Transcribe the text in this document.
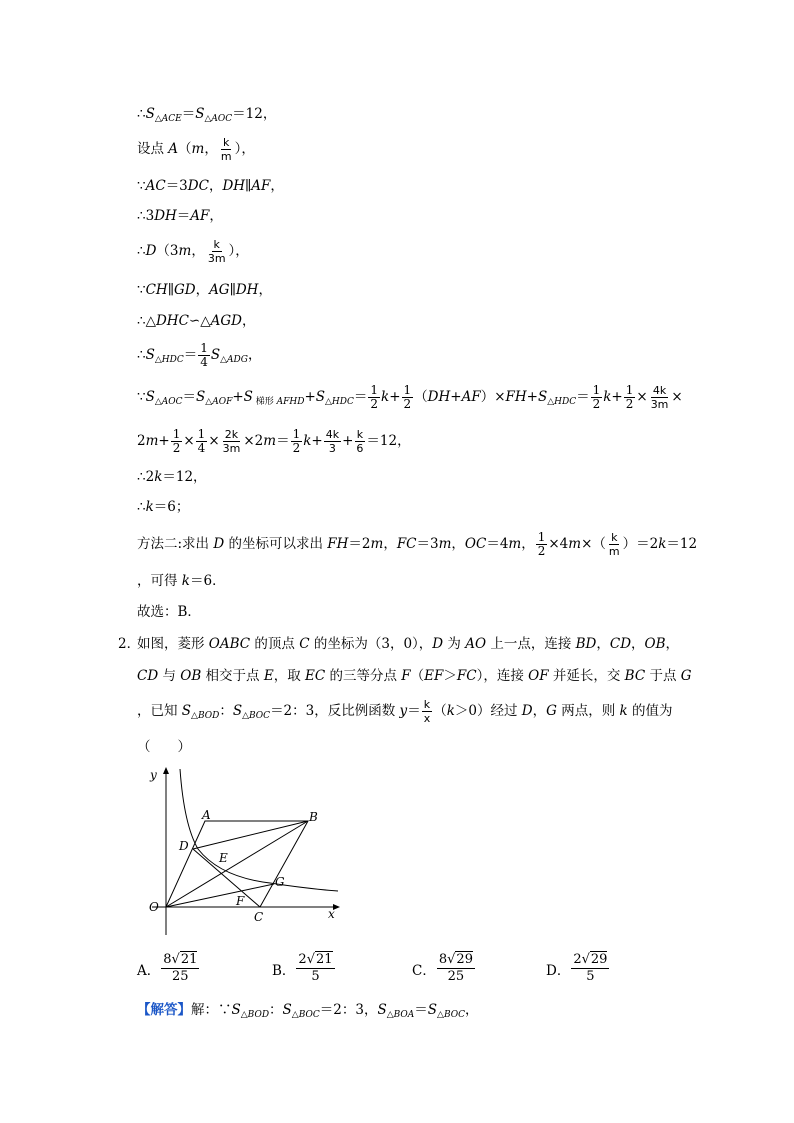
$\therefore S_{\triangle ACE}=S_{\triangle AOC}=12$，
设点 A（m， $\frac{k}{m}$ ），
∵AC＝3DC，DH∥AF，
∴3DH＝AF，
∴D（3m， $\frac{k}{3m}$ ），
∵CH∥GD，AG∥DH，
∴△DHC∽△AGD，
$\therefore S_{\triangle HDC}= \frac{1}{4} S_{\triangle ADG}$，
$\because S_{\triangle AOC}=S_{\triangle AOF}+S$ $_{梯形 AFHD}+S_{\triangle HDC}= \frac{1}{2} k+ \frac{1}{2} (DH+AF)\times FH+S_{\triangle HDC}= \frac{1}{2} k+ \frac{1}{2} \times \frac{4k}{3m}$ ×
$2m+ \frac{1}{2} \times \frac{1}{4} \times \frac{2k}{3m} \times 2m= \frac{1}{2} k+ \frac{4k}{3} + \frac{k}{6} =12$，
∴2k＝12，
∴k＝6；
方法二:求出 D 的坐标可以求出 FH＝2m，FC＝3m，OC＝4m， $\frac{1}{2} \times 4m\times( \frac{k}{m} )=2k=12$
，可得 k＝6．
故选：B．
2．
如图，菱形 OABC 的顶点 C 的坐标为（3，0），D 为 AO 上一点，连接 BD，CD，OB，
CD 与 OB 相交于点 E，取 EC 的三等分点 F（EF＞FC），连接 OF 并延长，交 BC 于点 G
，已知 $S_{\triangle BOD}$：$S_{\triangle BOC}=2$：3，反比例函数 $y= \frac{k}{x} (k>0)$经过 D，G 两点，则 k 的值为
（　　）
y
x
O
A	B
C
D
E
F
G
A． $\frac{8√21}{25}$	B． $\frac{2√21}{5}$	C． $\frac{8√29}{25}$	D． $\frac{2√29}{5}$
【解答】解：$\because S_{\triangle BOD}$：$S_{\triangle BOC}=2$：3，$S_{\triangle BOA}=S_{\triangle BOC}$，
